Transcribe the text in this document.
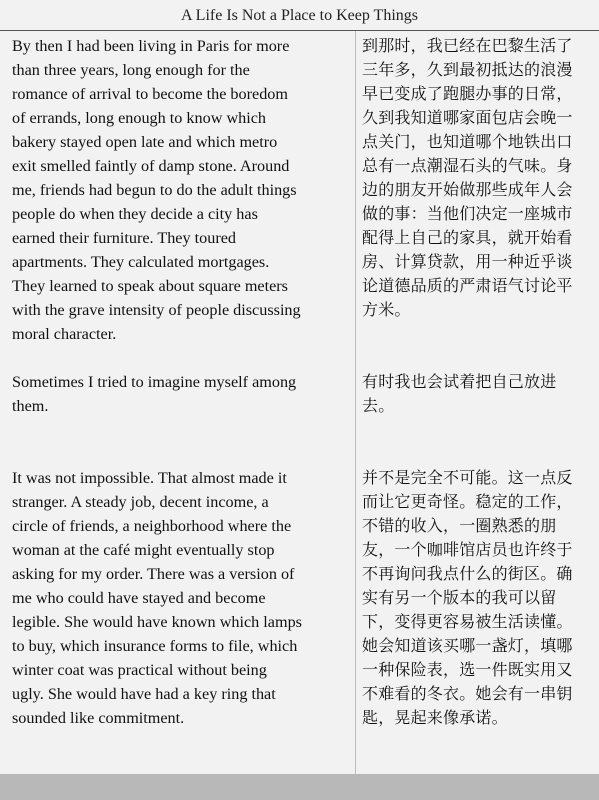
A Life Is Not a Place to Keep Things
By then I had been living in Paris for more
than three years, long enough for the
romance of arrival to become the boredom
of errands, long enough to know which
bakery stayed open late and which metro
exit smelled faintly of damp stone. Around
me, friends had begun to do the adult things
people do when they decide a city has
earned their furniture. They toured
apartments. They calculated mortgages.
They learned to speak about square meters
with the grave intensity of people discussing
moral character.
到那时，我已经在巴黎生活了
三年多，久到最初抵达的浪漫
早已变成了跑腿办事的日常，
久到我知道哪家面包店会晚一
点关门，也知道哪个地铁出口
总有一点潮湿石头的气味。身
边的朋友开始做那些成年人会
做的事：当他们决定一座城市
配得上自己的家具，就开始看
房、计算贷款，用一种近乎谈
论道德品质的严肃语气讨论平
方米。
Sometimes I tried to imagine myself among
them.
有时我也会试着把自己放进
去。
It was not impossible. That almost made it
stranger. A steady job, decent income, a
circle of friends, a neighborhood where the
woman at the café might eventually stop
asking for my order. There was a version of
me who could have stayed and become
legible. She would have known which lamps
to buy, which insurance forms to file, which
winter coat was practical without being
ugly. She would have had a key ring that
sounded like commitment.
并不是完全不可能。这一点反
而让它更奇怪。稳定的工作，
不错的收入，一圈熟悉的朋
友，一个咖啡馆店员也许终于
不再询问我点什么的街区。确
实有另一个版本的我可以留
下，变得更容易被生活读懂。
她会知道该买哪一盏灯，填哪
一种保险表，选一件既实用又
不难看的冬衣。她会有一串钥
匙，晃起来像承诺。
